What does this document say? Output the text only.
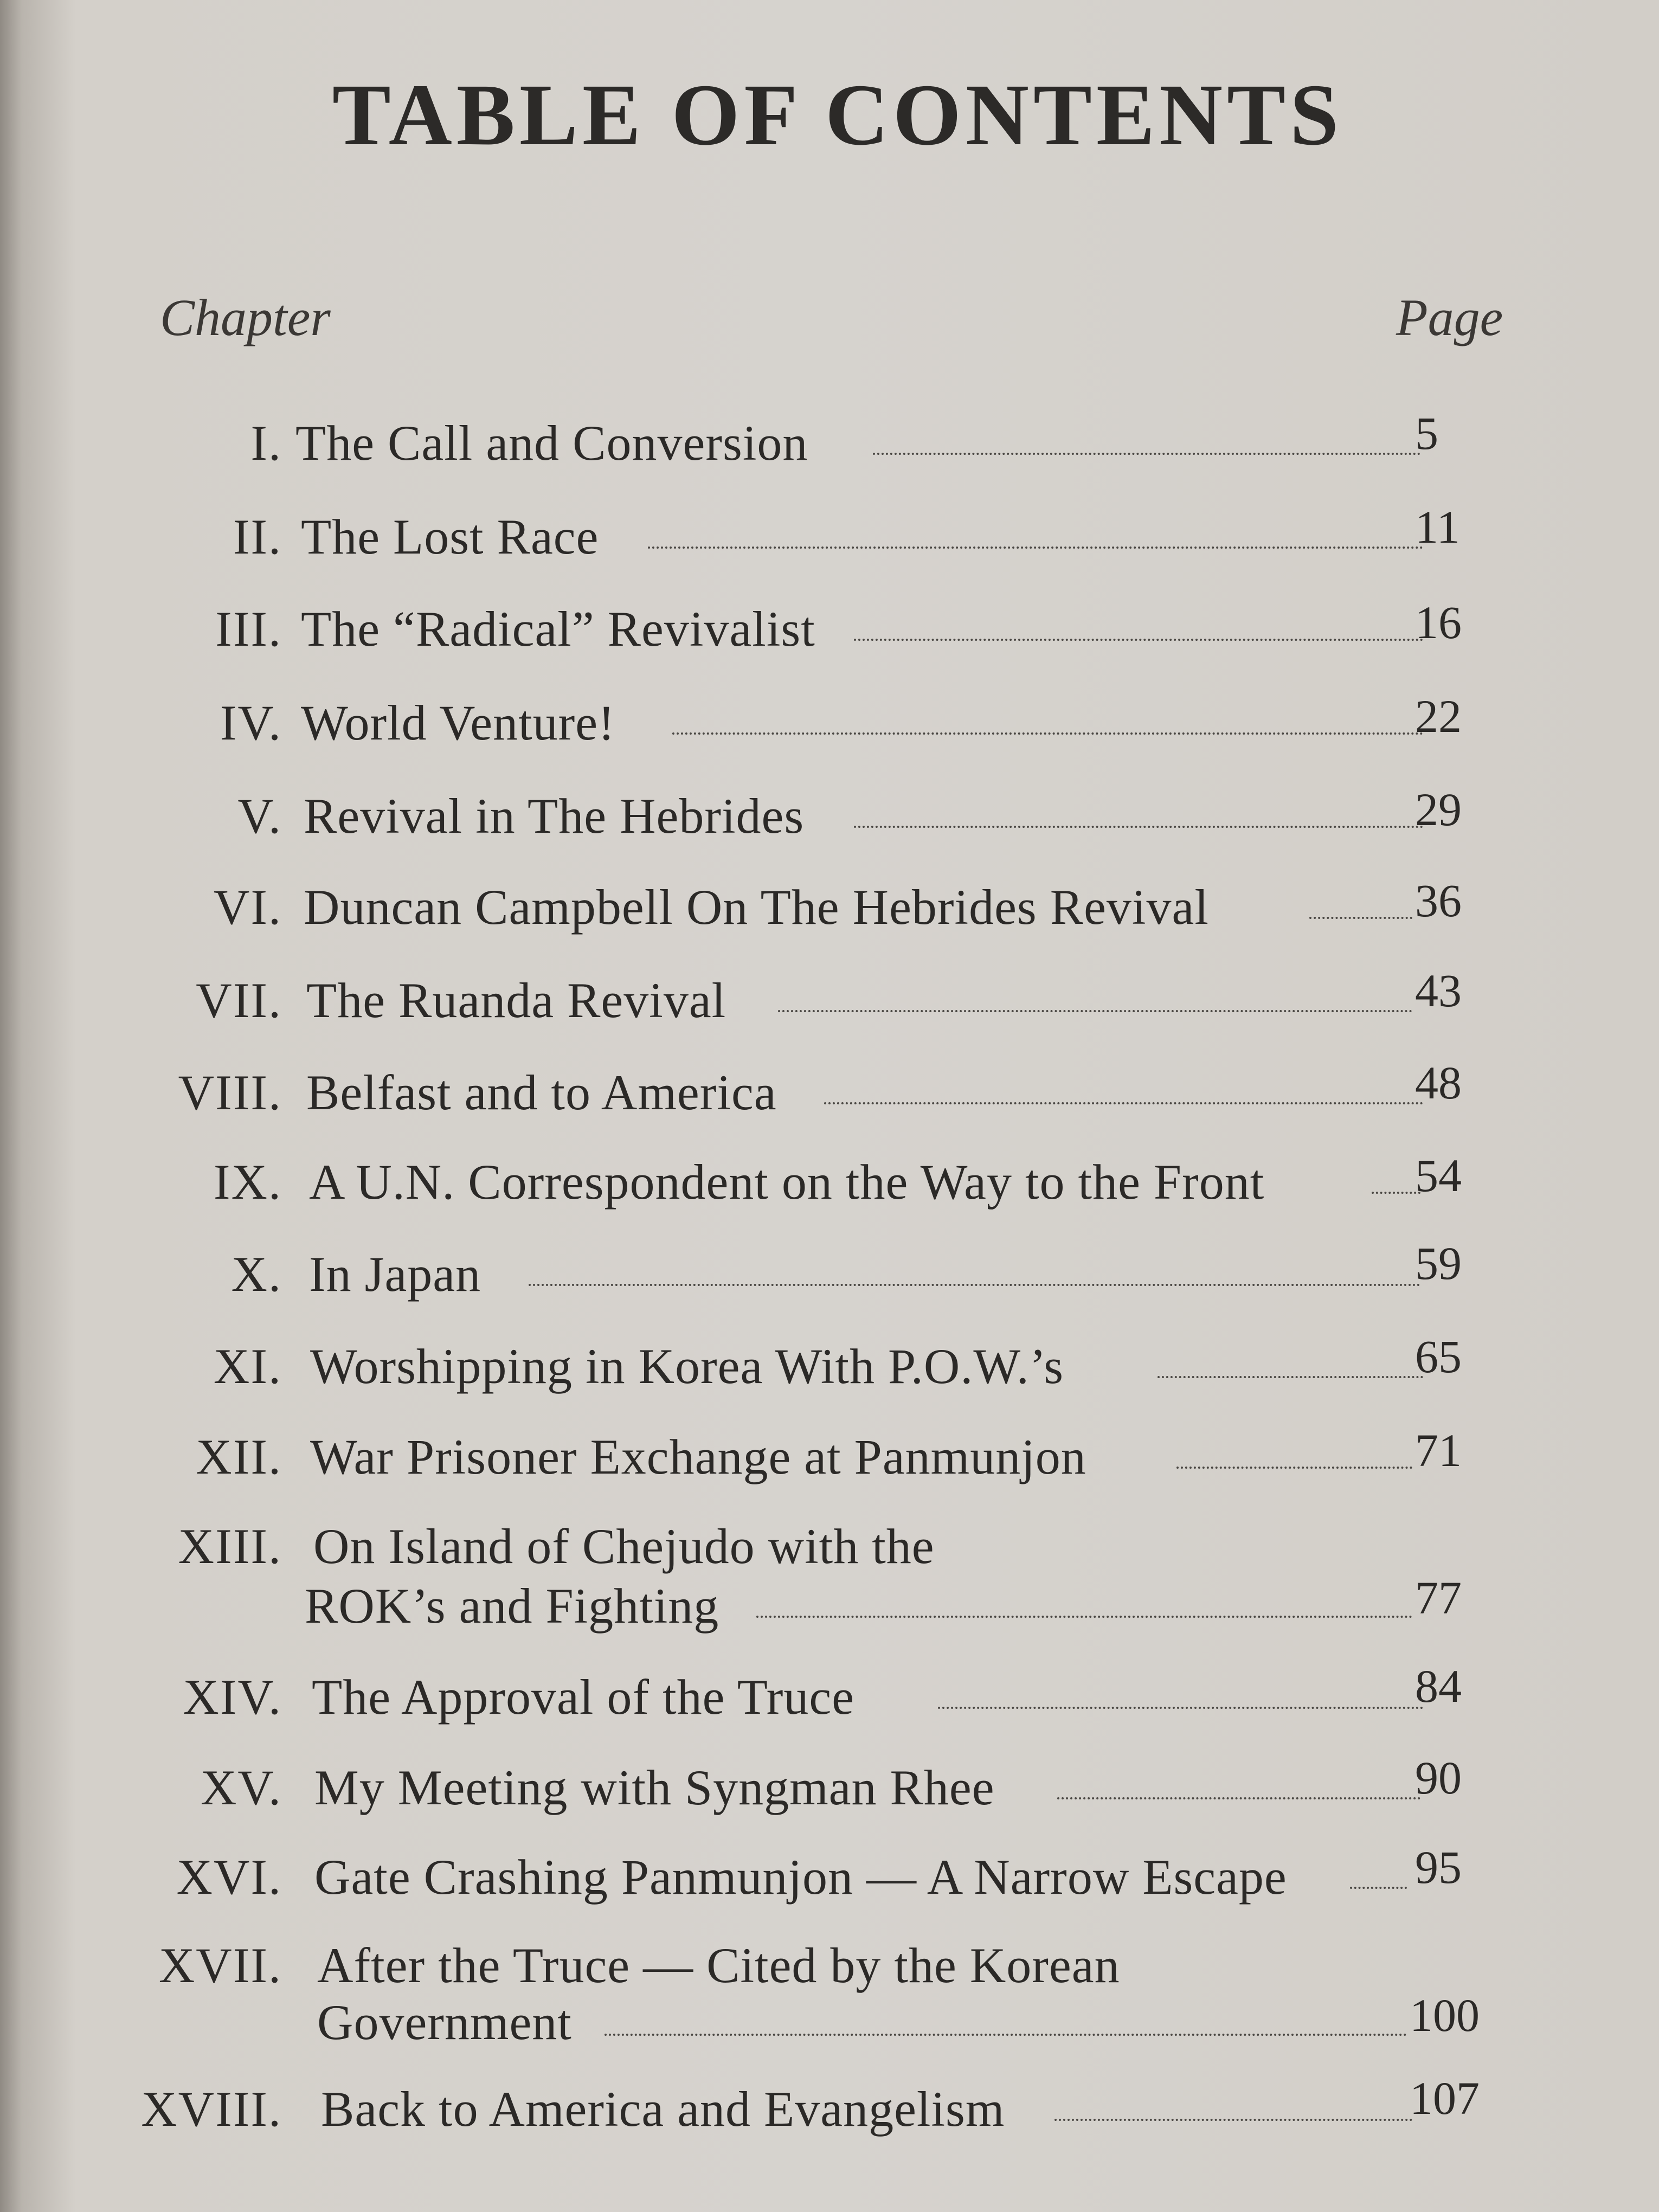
TABLE OF CONTENTS
Chapter	Page
I. The Call and Conversion	5
II. The Lost Race	11
III. The “Radical” Revivalist	16
IV. World Venture!	22
V. Revival in The Hebrides	29
VI. Duncan Campbell On The Hebrides Revival	36
VII. The Ruanda Revival	43
VIII. Belfast and to America	48
IX. A U.N. Correspondent on the Way to the Front	54
X. In Japan	59
XI. Worshipping in Korea With P.O.W.’s	65
XII. War Prisoner Exchange at Panmunjon	71
XIII. On Island of Chejudo with the
ROK’s and Fighting	77
XIV. The Approval of the Truce	84
XV. My Meeting with Syngman Rhee	90
XVI. Gate Crashing Panmunjon — A Narrow Escape	95
XVII. After the Truce — Cited by the Korean
Government	100
XVIII. Back to America and Evangelism	107
